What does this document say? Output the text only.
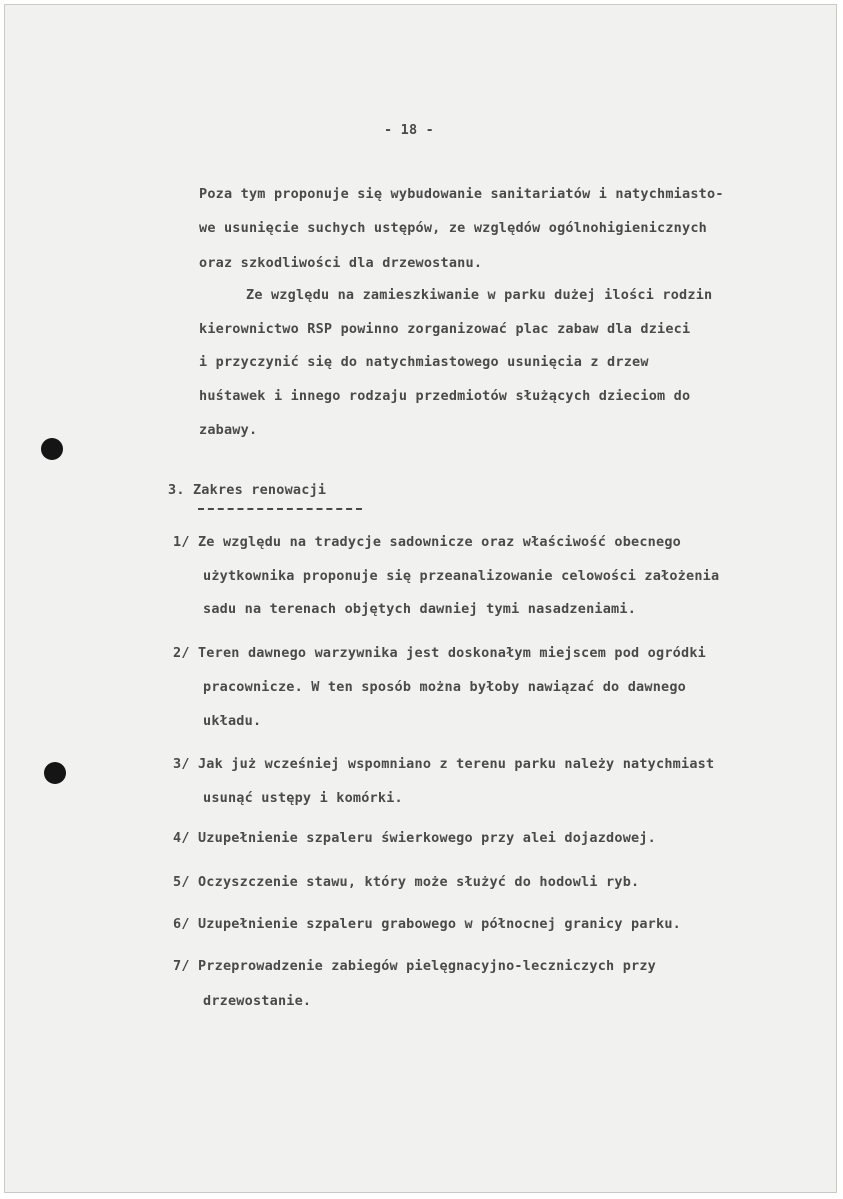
- 18 -
Poza tym proponuje się wybudowanie sanitariatów i natychmiasto-
we usunięcie suchych ustępów, ze względów ogólnohigienicznych
oraz szkodliwości dla drzewostanu.
Ze względu na zamieszkiwanie w parku dużej ilości rodzin
kierownictwo RSP powinno zorganizować plac zabaw dla dzieci
i przyczynić się do natychmiastowego usunięcia z drzew
huśtawek i innego rodzaju przedmiotów służących dzieciom do
zabawy.
3. Zakres renowacji
1/ Ze względu na tradycje sadownicze oraz właściwość obecnego
użytkownika proponuje się przeanalizowanie celowości założenia
sadu na terenach objętych dawniej tymi nasadzeniami.
2/ Teren dawnego warzywnika jest doskonałym miejscem pod ogródki
pracownicze. W ten sposób można byłoby nawiązać do dawnego
układu.
3/ Jak już wcześniej wspomniano z terenu parku należy natychmiast
usunąć ustępy i komórki.
4/ Uzupełnienie szpaleru świerkowego przy alei dojazdowej.
5/ Oczyszczenie stawu, który może służyć do hodowli ryb.
6/ Uzupełnienie szpaleru grabowego w północnej granicy parku.
7/ Przeprowadzenie zabiegów pielęgnacyjno-leczniczych przy
drzewostanie.
